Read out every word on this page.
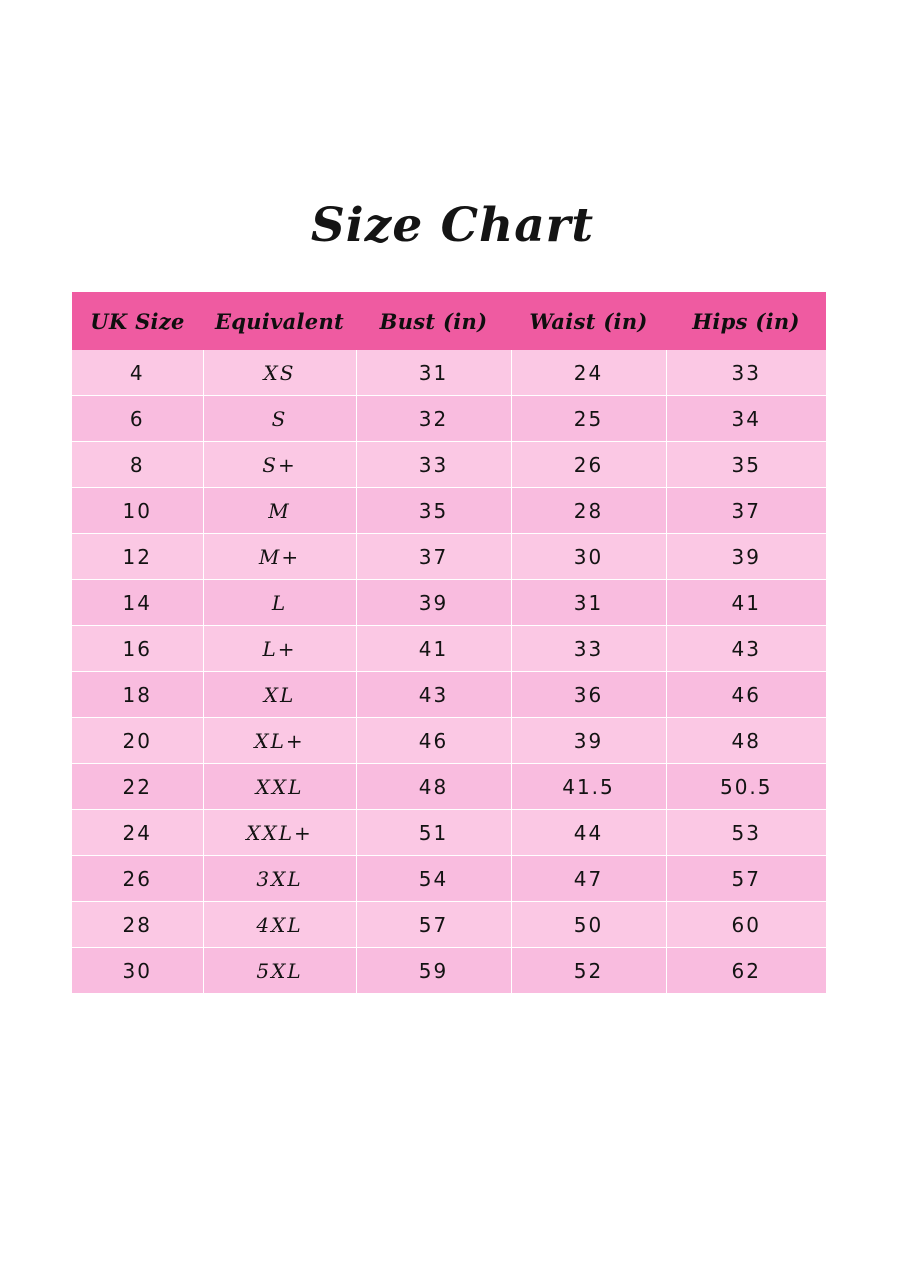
Size Chart
UK Size	Equivalent	Bust (in)	Waist (in)	Hips (in)
4	XS	31	24	33
6	S	32	25	34
8	S+	33	26	35
10	M	35	28	37
12	M+	37	30	39
14	L	39	31	41
16	L+	41	33	43
18	XL	43	36	46
20	XL+	46	39	48
22	XXL	48	41.5	50.5
24	XXL+	51	44	53
26	3XL	54	47	57
28	4XL	57	50	60
30	5XL	59	52	62
